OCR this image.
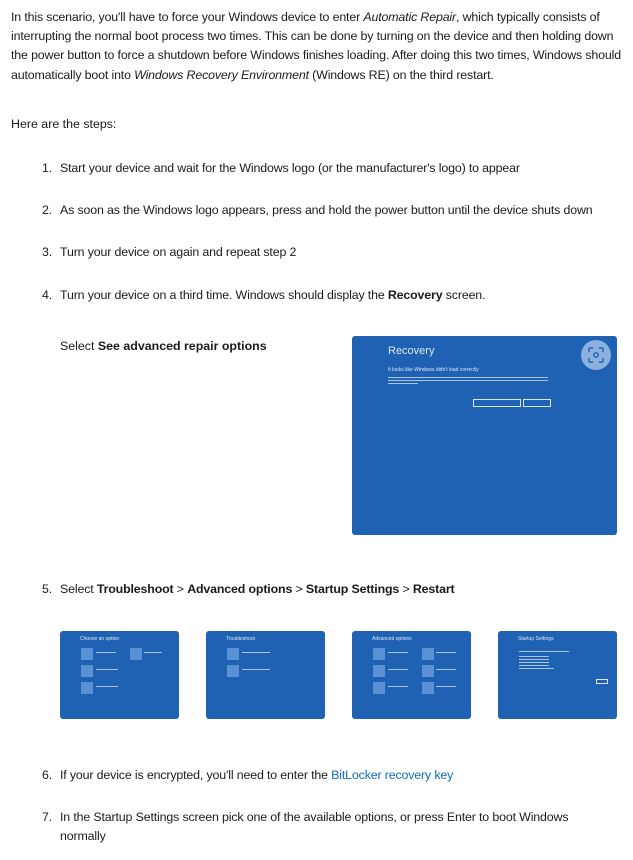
In this scenario, you'll have to force your Windows device to enter Automatic Repair, which typically consists of interrupting the normal boot process two times. This can be done by turning on the device and then holding down the power button to force a shutdown before Windows finishes loading. After doing this two times, Windows should automatically boot into Windows Recovery Environment (Windows RE) on the third restart.
Here are the steps:
1. Start your device and wait for the Windows logo (or the manufacturer's logo) to appear
2. As soon as the Windows logo appears, press and hold the power button until the device shuts down
3. Turn your device on again and repeat step 2
4. Turn your device on a third time. Windows should display the Recovery screen.
Select See advanced repair options	Recovery
It looks like Windows didn't load correctly
5. Select Troubleshoot > Advanced options > Startup Settings > Restart
Choose an option	Troubleshoot	Advanced options	Startup Settings
6. If your device is encrypted, you'll need to enter the BitLocker recovery key
7. In the Startup Settings screen pick one of the available options, or press Enter to boot Windows normally
